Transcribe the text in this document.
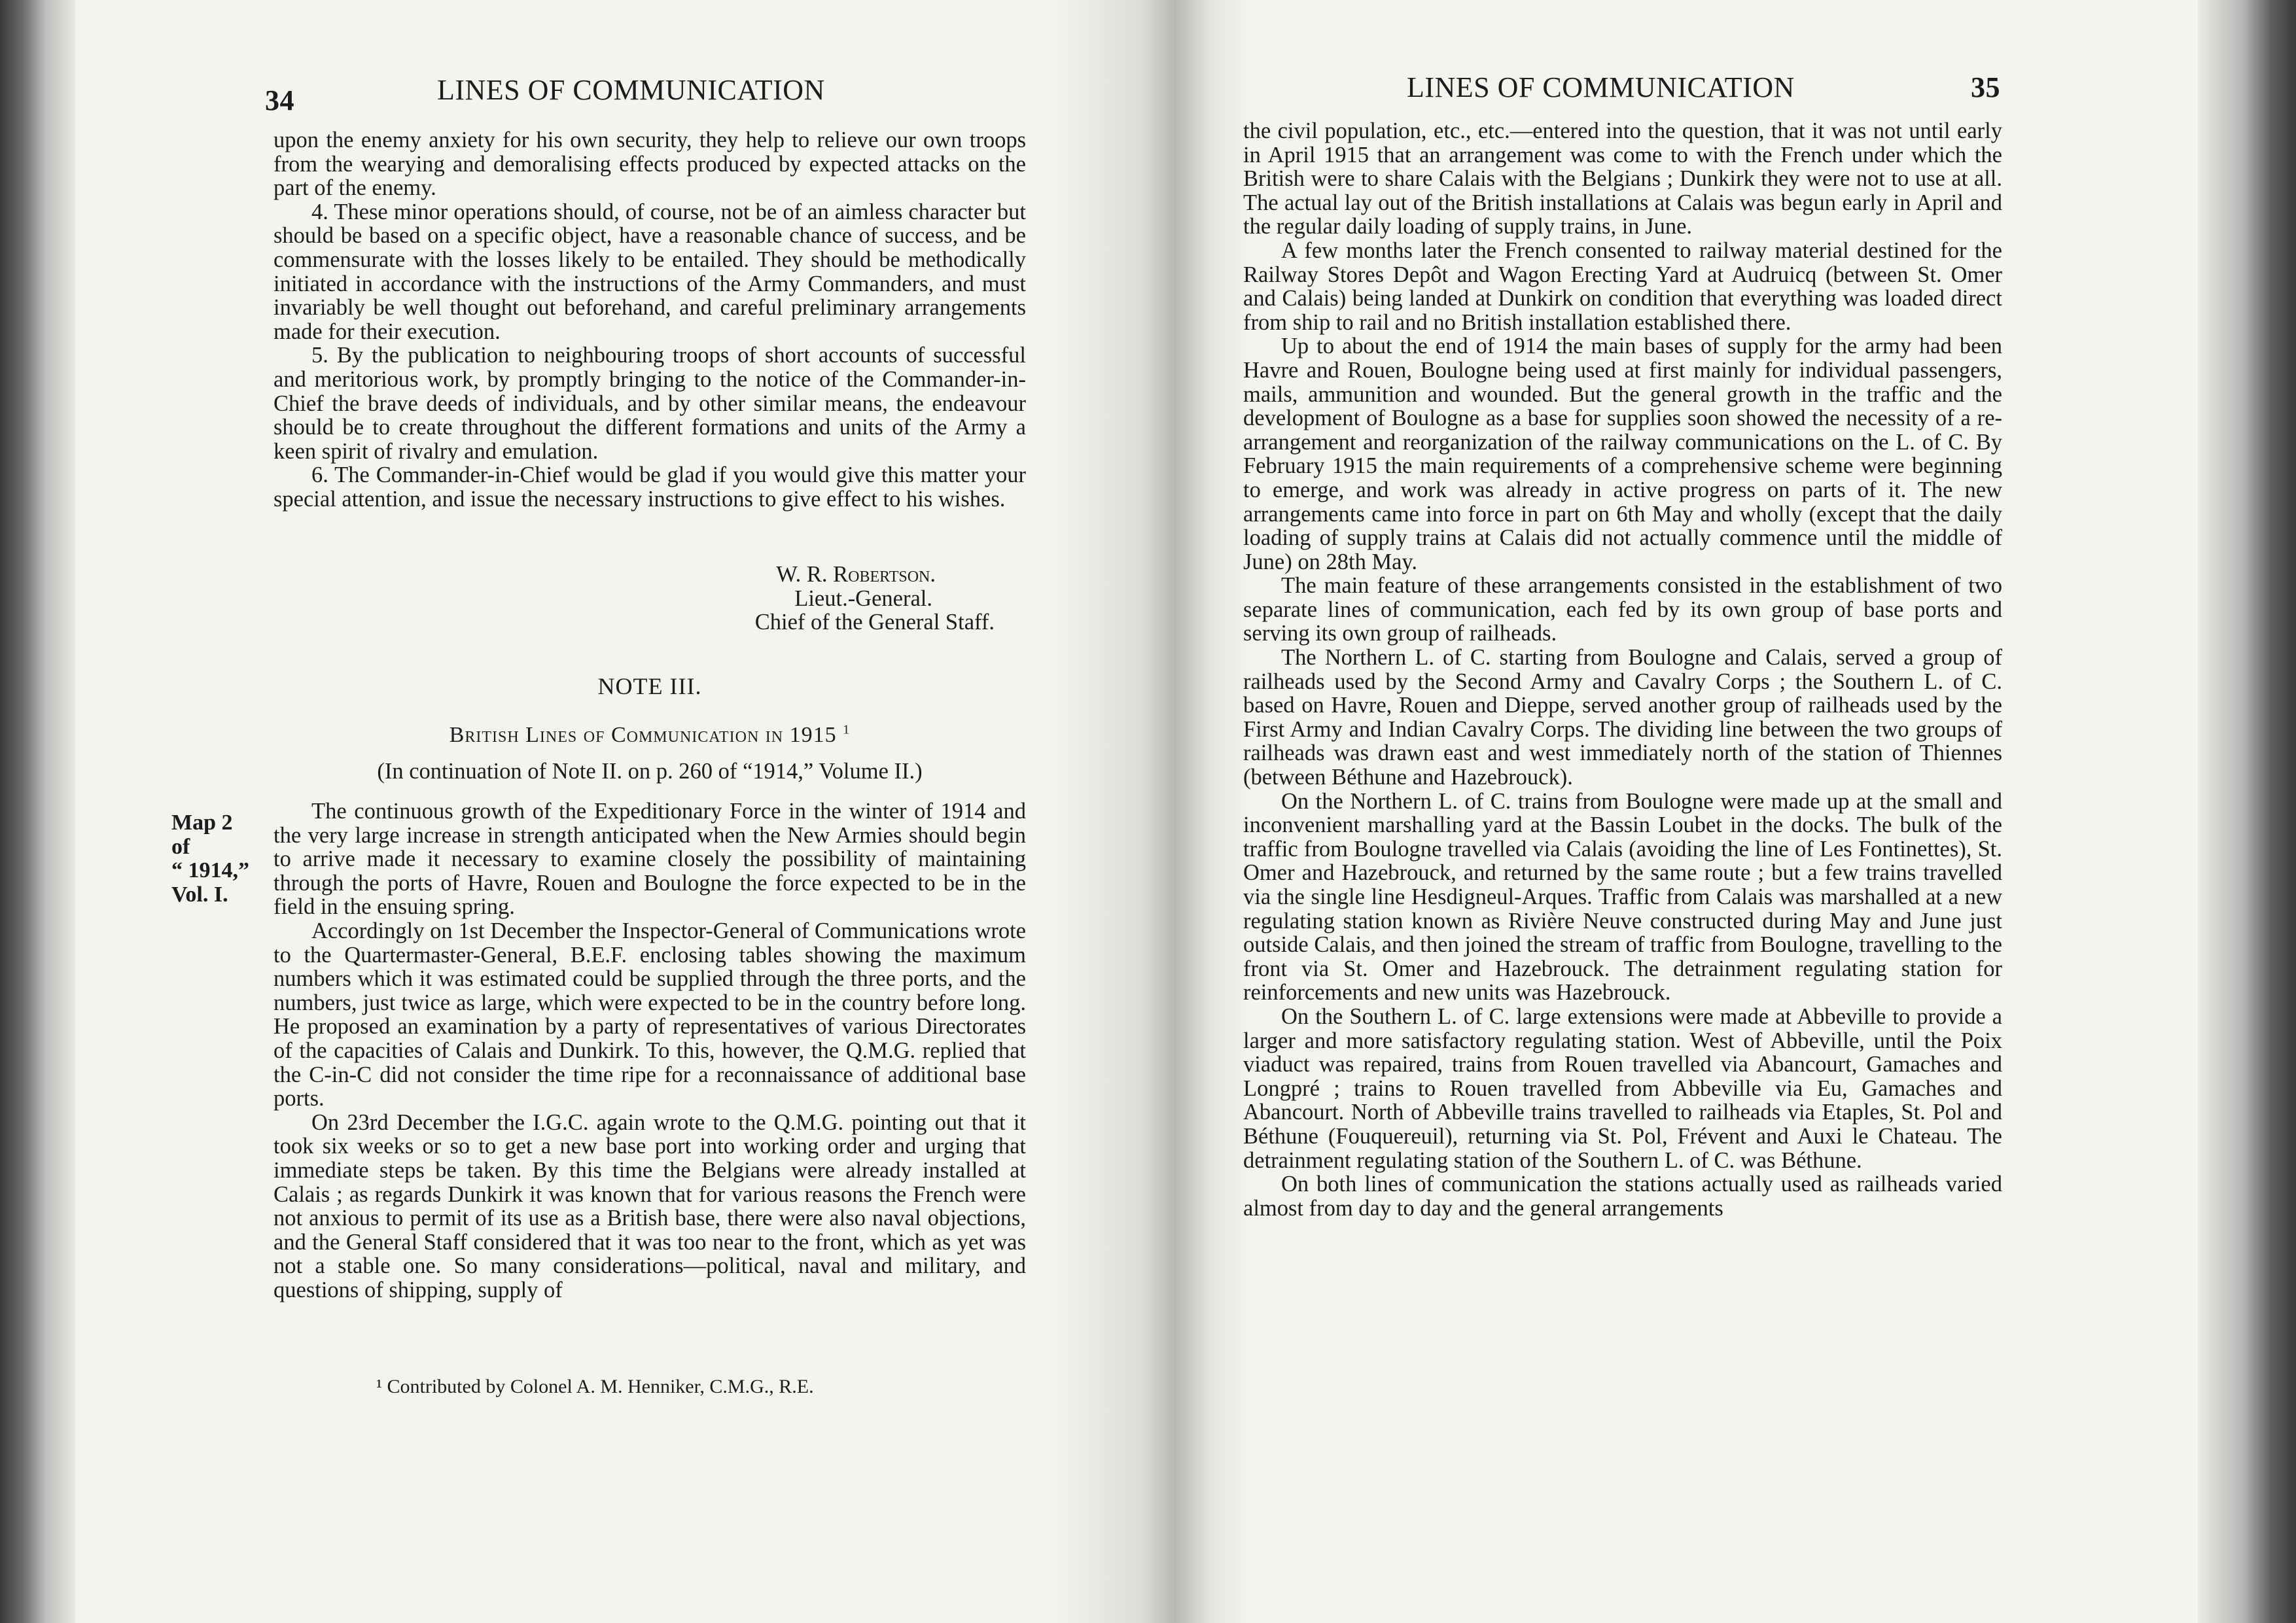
34	LINES OF COMMUNICATION

upon the enemy anxiety for his own security, they help to relieve our own troops from the wearying and demoralising effects produced by expected attacks on the part of the enemy.

4. These minor operations should, of course, not be of an aimless character but should be based on a specific object, have a reasonable chance of success, and be commensurate with the losses likely to be entailed. They should be methodically initiated in accordance with the instructions of the Army Commanders, and must invariably be well thought out beforehand, and careful preliminary arrangements made for their execution.

5. By the publication to neighbouring troops of short accounts of successful and meritorious work, by promptly bringing to the notice of the Commander-in-Chief the brave deeds of individuals, and by other similar means, the endeavour should be to create throughout the different formations and units of the Army a keen spirit of rivalry and emulation.

6. The Commander-in-Chief would be glad if you would give this matter your special attention, and issue the necessary instructions to give effect to his wishes.

W. R. Robertson.
Lieut.-General.
Chief of the General Staff.
NOTE III.
British Lines of Communication in 1915 $^1$
(In continuation of Note II. on p. 260 of “1914,” Volume II.)
Map 2
of
“ 1914,”
Vol. I.

The continuous growth of the Expeditionary Force in the winter of 1914 and the very large increase in strength anticipated when the New Armies should begin to arrive made it necessary to examine closely the possibility of maintaining through the ports of Havre, Rouen and Boulogne the force expected to be in the field in the ensuing spring.

Accordingly on 1st December the Inspector-General of Communications wrote to the Quartermaster-General, B.E.F. enclosing tables showing the maximum numbers which it was estimated could be supplied through the three ports, and the numbers, just twice as large, which were expected to be in the country before long. He proposed an examination by a party of representatives of various Directorates of the capacities of Calais and Dunkirk. To this, however, the Q.M.G. replied that the C-in-C did not consider the time ripe for a reconnaissance of additional base ports.

On 23rd December the I.G.C. again wrote to the Q.M.G. pointing out that it took six weeks or so to get a new base port into working order and urging that immediate steps be taken. By this time the Belgians were already installed at Calais ; as regards Dunkirk it was known that for various reasons the French were not anxious to permit of its use as a British base, there were also naval objections, and the General Staff considered that it was too near to the front, which as yet was not a stable one. So many considerations—political, naval and military, and questions of shipping, supply of

¹ Contributed by Colonel A. M. Henniker, C.M.G., R.E.
LINES OF COMMUNICATION	35

the civil population, etc., etc.—entered into the question, that it was not until early in April 1915 that an arrangement was come to with the French under which the British were to share Calais with the Belgians ; Dunkirk they were not to use at all. The actual lay out of the British installations at Calais was begun early in April and the regular daily loading of supply trains, in June.

A few months later the French consented to railway material destined for the Railway Stores Depôt and Wagon Erecting Yard at Audruicq (between St. Omer and Calais) being landed at Dunkirk on condition that everything was loaded direct from ship to rail and no British installation established there.

Up to about the end of 1914 the main bases of supply for the army had been Havre and Rouen, Boulogne being used at first mainly for individual passengers, mails, ammunition and wounded. But the general growth in the traffic and the development of Boulogne as a base for supplies soon showed the necessity of a re-arrangement and reorganization of the railway communications on the L. of C. By February 1915 the main requirements of a comprehensive scheme were beginning to emerge, and work was already in active progress on parts of it. The new arrangements came into force in part on 6th May and wholly (except that the daily loading of supply trains at Calais did not actually commence until the middle of June) on 28th May.

The main feature of these arrangements consisted in the establishment of two separate lines of communication, each fed by its own group of base ports and serving its own group of railheads.

The Northern L. of C. starting from Boulogne and Calais, served a group of railheads used by the Second Army and Cavalry Corps ; the Southern L. of C. based on Havre, Rouen and Dieppe, served another group of railheads used by the First Army and Indian Cavalry Corps. The dividing line between the two groups of railheads was drawn east and west immediately north of the station of Thiennes (between Béthune and Hazebrouck).

On the Northern L. of C. trains from Boulogne were made up at the small and inconvenient marshalling yard at the Bassin Loubet in the docks. The bulk of the traffic from Boulogne travelled via Calais (avoiding the line of Les Fontinettes), St. Omer and Hazebrouck, and returned by the same route ; but a few trains travelled via the single line Hesdigneul-Arques. Traffic from Calais was marshalled at a new regulating station known as Rivière Neuve constructed during May and June just outside Calais, and then joined the stream of traffic from Boulogne, travelling to the front via St. Omer and Hazebrouck. The detrainment regulating station for reinforcements and new units was Hazebrouck.

On the Southern L. of C. large extensions were made at Abbeville to provide a larger and more satisfactory regulating station. West of Abbeville, until the Poix viaduct was repaired, trains from Rouen travelled via Abancourt, Gamaches and Longpré ; trains to Rouen travelled from Abbeville via Eu, Gamaches and Abancourt. North of Abbeville trains travelled to railheads via Etaples, St. Pol and Béthune (Fouquereuil), returning via St. Pol, Frévent and Auxi le Chateau. The detrainment regulating station of the Southern L. of C. was Béthune.

On both lines of communication the stations actually used as railheads varied almost from day to day and the general arrangements
